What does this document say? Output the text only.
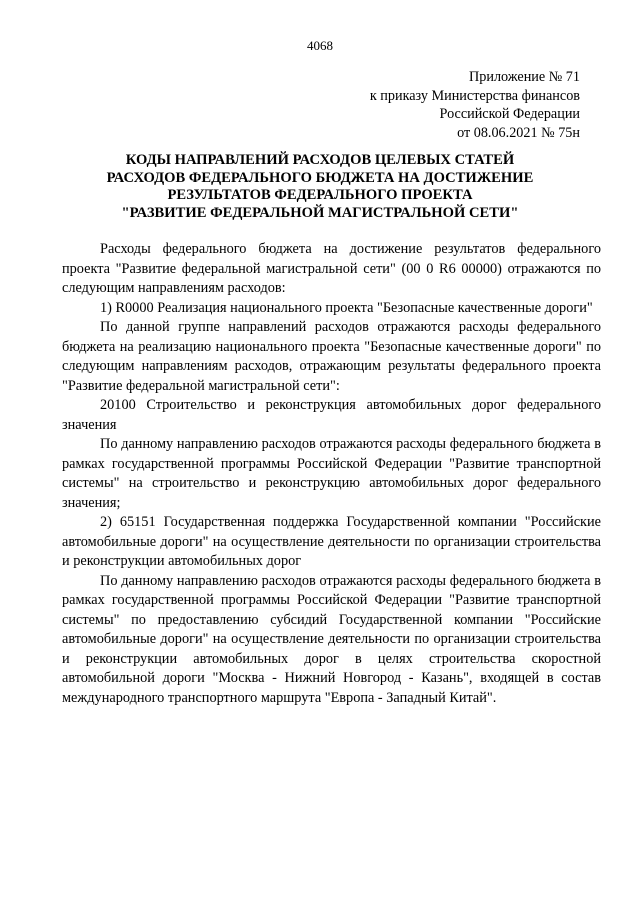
4068
Приложение № 71
к приказу Министерства финансов
Российской Федерации
от 08.06.2021 № 75н
КОДЫ НАПРАВЛЕНИЙ РАСХОДОВ ЦЕЛЕВЫХ СТАТЕЙ
РАСХОДОВ ФЕДЕРАЛЬНОГО БЮДЖЕТА НА ДОСТИЖЕНИЕ
РЕЗУЛЬТАТОВ ФЕДЕРАЛЬНОГО ПРОЕКТА
"РАЗВИТИЕ ФЕДЕРАЛЬНОЙ МАГИСТРАЛЬНОЙ СЕТИ"

Расходы федерального бюджета на достижение результатов федерального проекта "Развитие федеральной магистральной сети" (00 0 R6 00000) отражаются по следующим направлениям расходов:

1) R0000 Реализация национального проекта "Безопасные качественные дороги"

По данной группе направлений расходов отражаются расходы федерального бюджета на реализацию национального проекта "Безопасные качественные дороги" по следующим направлениям расходов, отражающим результаты федерального проекта "Развитие федеральной магистральной сети":

20100 Строительство и реконструкция автомобильных дорог федерального значения

По данному направлению расходов отражаются расходы федерального бюджета в рамках государственной программы Российской Федерации "Развитие транспортной системы" на строительство и реконструкцию автомобильных дорог федерального значения;

2) 65151 Государственная поддержка Государственной компании "Российские автомобильные дороги" на осуществление деятельности по организации строительства и реконструкции автомобильных дорог

По данному направлению расходов отражаются расходы федерального бюджета в рамках государственной программы Российской Федерации "Развитие транспортной системы" по предоставлению субсидий Государственной компании "Российские автомобильные дороги" на осуществление деятельности по организации строительства и реконструкции автомобильных дорог в целях строительства скоростной автомобильной дороги "Москва - Нижний Новгород - Казань", входящей в состав международного транспортного маршрута "Европа - Западный Китай".
